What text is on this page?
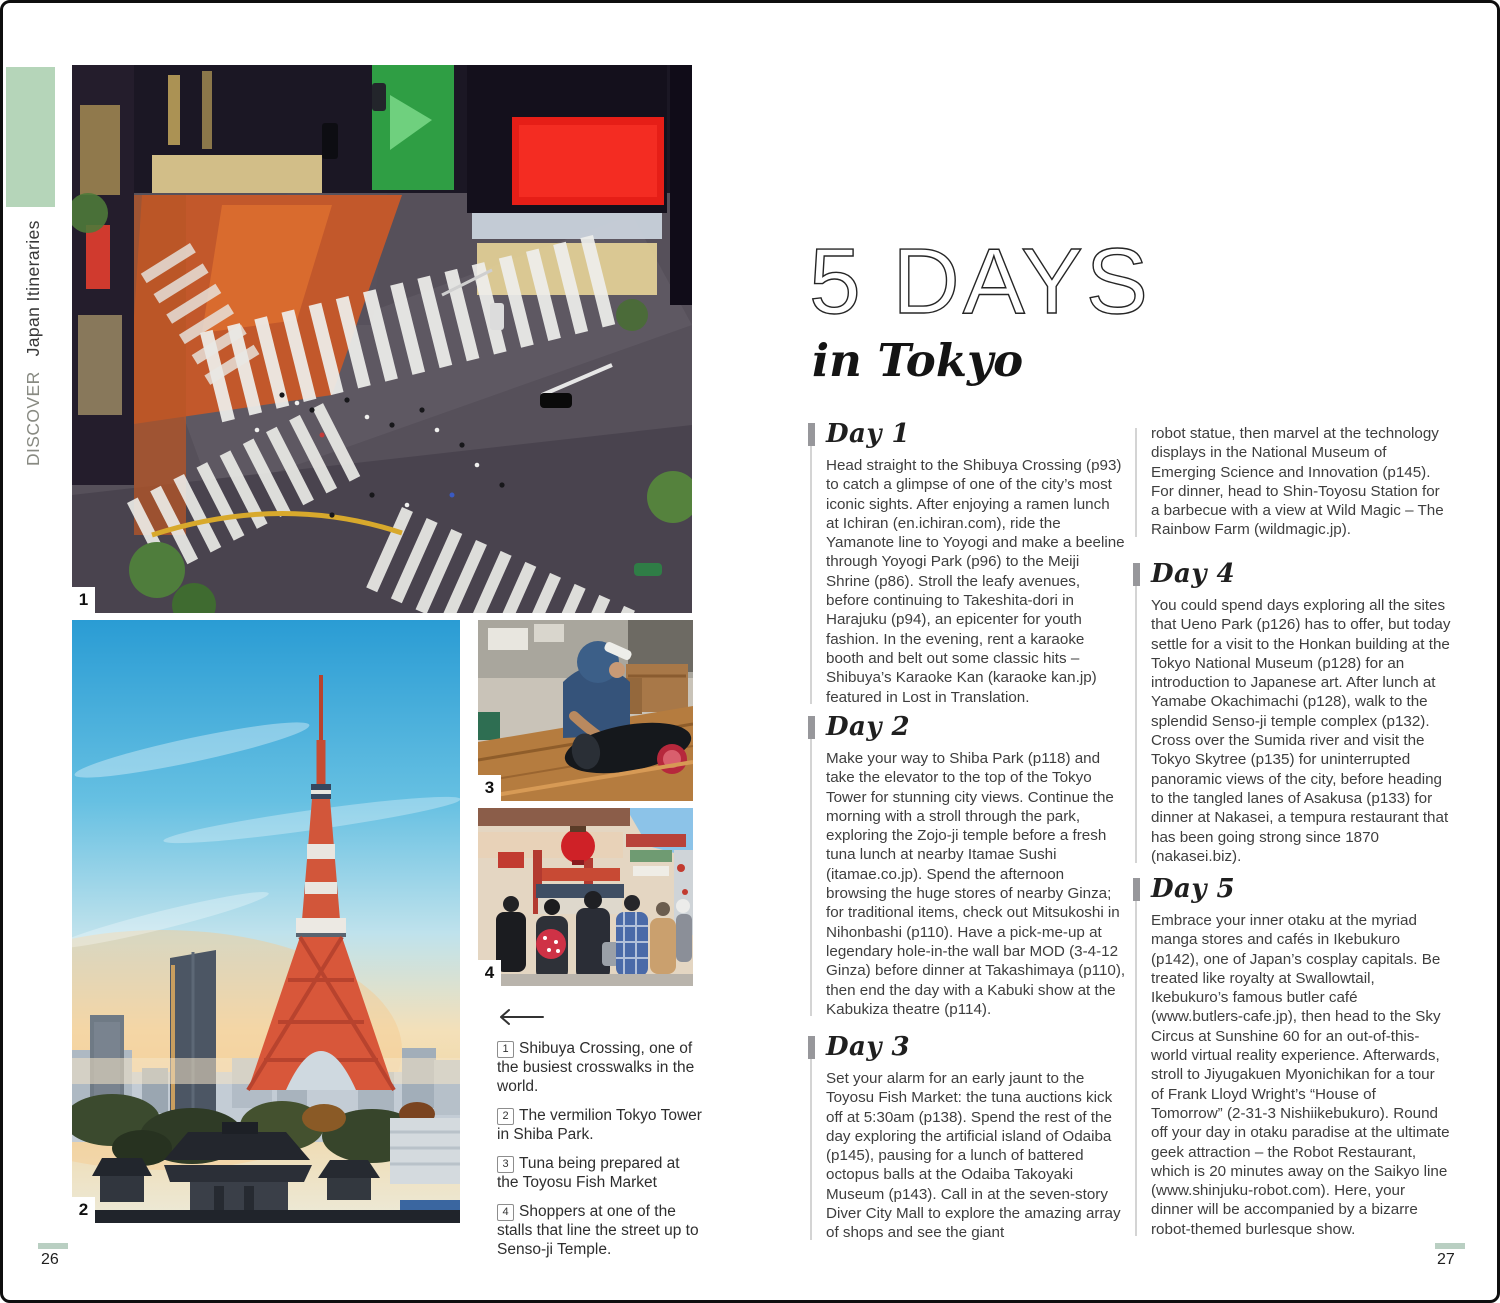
DISCOVERJapan Itineraries
1
2
3
4
1 Shibuya Crossing, one of the busiest crosswalks in the world.
2 The vermilion Tokyo Tower in Shiba Park.
3 Tuna being prepared at the Toyosu Fish Market
4 Shoppers at one of the stalls that line the street up to Senso-ji Temple.
5 DAYS
in Tokyo
Day 1

Head straight to the Shibuya Crossing (p93) to catch a glimpse of one of the city’s most iconic sights. After enjoying a ramen lunch at Ichiran (en.ichiran.com), ride the Yamanote line to Yoyogi and make a beeline through Yoyogi Park (p96) to the Meiji Shrine (p86). Stroll the leafy avenues, before continuing to Takeshita-dori in Harajuku (p94), an epicenter for youth fashion. In the evening, rent a karaoke booth and belt out some classic hits – Shibuya’s Karaoke Kan (karaoke kan.jp) featured in Lost in Translation.

Day 2

Make your way to Shiba Park (p118) and take the elevator to the top of the Tokyo Tower for stunning city views. Continue the morning with a stroll through the park, exploring the Zojo-ji temple before a fresh tuna lunch at nearby Itamae Sushi (itamae.co.jp). Spend the afternoon browsing the huge stores of nearby Ginza; for traditional items, check out Mitsukoshi in Nihonbashi (p110). Have a pick-me-up at legendary hole-in-the wall bar MOD (3-4-12 Ginza) before dinner at Takashimaya (p110), then end the day with a Kabuki show at the Kabukiza theatre (p114).

Day 3

Set your alarm for an early jaunt to the Toyosu Fish Market: the tuna auctions kick off at 5:30am (p138). Spend the rest of the day exploring the artificial island of Odaiba (p145), pausing for a lunch of battered octopus balls at the Odaiba Takoyaki Museum (p143). Call in at the seven-story Diver City Mall to explore the amazing array of shops and see the giant

robot statue, then marvel at the technology displays in the National Museum of Emerging Science and Innovation (p145). For dinner, head to Shin-Toyosu Station for a barbecue with a view at Wild Magic – The Rainbow Farm (wildmagic.jp).

Day 4

You could spend days exploring all the sites that Ueno Park (p126) has to offer, but today settle for a visit to the Honkan building at the Tokyo National Museum (p128) for an introduction to Japanese art. After lunch at Yamabe Okachimachi (p128), walk to the splendid Senso-ji temple complex (p132). Cross over the Sumida river and visit the Tokyo Skytree (p135) for uninterrupted panoramic views of the city, before heading to the tangled lanes of Asakusa (p133) for dinner at Nakasei, a tempura restaurant that has been going strong since 1870 (nakasei.biz).

Day 5

Embrace your inner otaku at the myriad manga stores and cafés in Ikebukuro (p142), one of Japan’s cosplay capitals. Be treated like royalty at Swallowtail, Ikebukuro’s famous butler café (www.butlers-cafe.jp), then head to the Sky Circus at Sunshine 60 for an out-of-this-world virtual reality experience. Afterwards, stroll to Jiyugakuen Myonichikan for a tour of Frank Lloyd Wright’s “House of Tomorrow” (2-31-3 Nishiikebukuro). Round off your day in otaku paradise at the ultimate geek attraction – the Robot Restaurant, which is 20 minutes away on the Saikyo line (www.shinjuku-robot.com). Here, your dinner will be accompanied by a bizarre robot-themed burlesque show.

26	27
